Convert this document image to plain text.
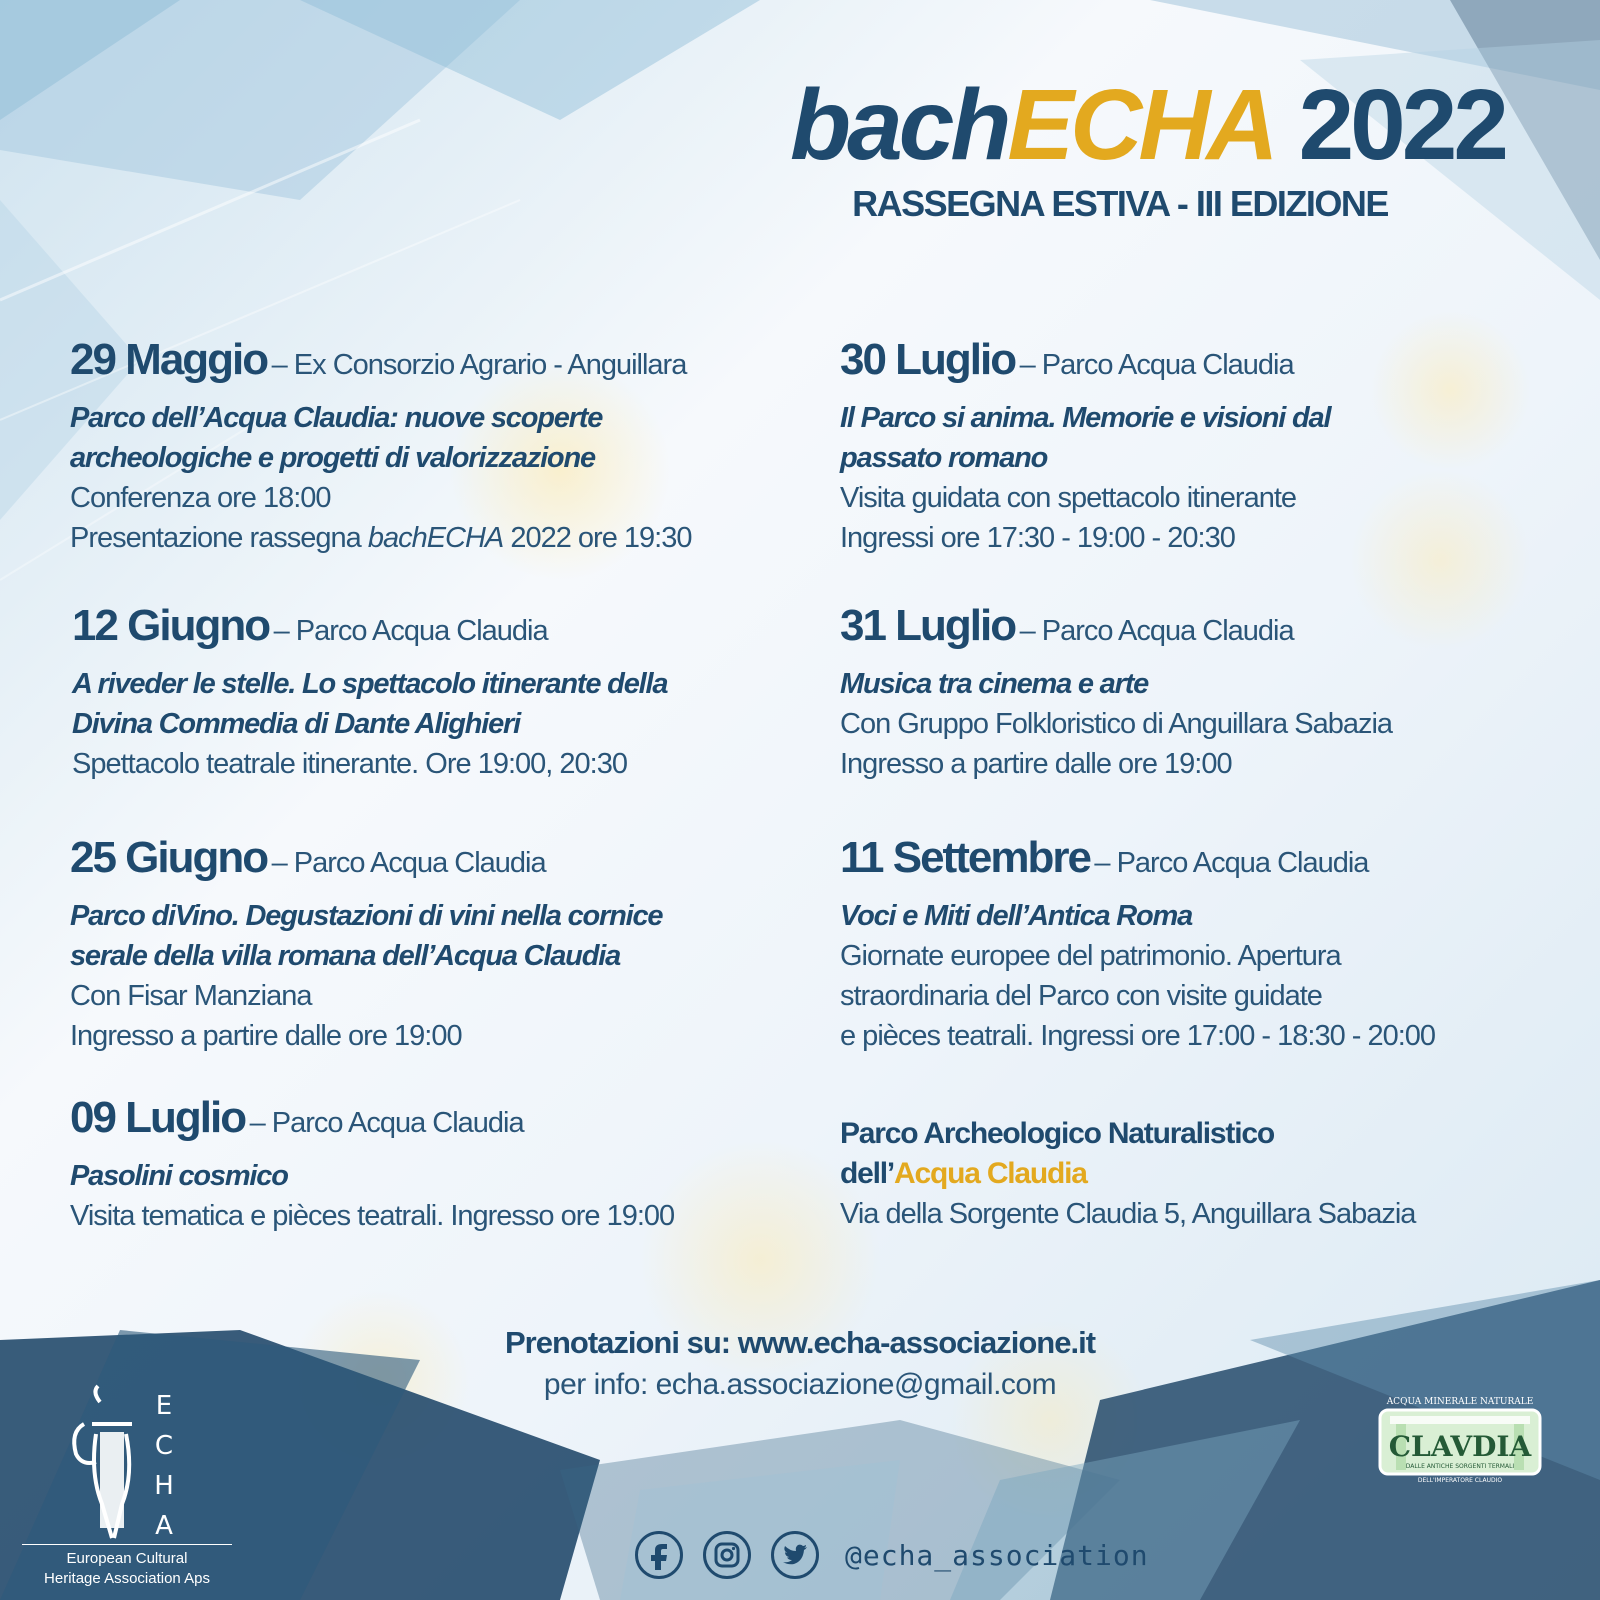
bachECHA 2022
RASSEGNA ESTIVA - III EDIZIONE
29 Maggio – Ex Consorzio Agrario - Anguillara
Parco dell’Acqua Claudia: nuove scoperte archeologiche e progetti di valorizzazione
Conferenza ore 18:00
Presentazione rassegna bachECHA 2022 ore 19:30
12 Giugno – Parco Acqua Claudia
A riveder le stelle. Lo spettacolo itinerante della Divina Commedia di Dante Alighieri
Spettacolo teatrale itinerante. Ore 19:00, 20:30
25 Giugno – Parco Acqua Claudia
Parco diVino. Degustazioni di vini nella cornice serale della villa romana dell’Acqua Claudia
Con Fisar Manziana
Ingresso a partire dalle ore 19:00
09 Luglio – Parco Acqua Claudia
Pasolini cosmico
Visita tematica e pièces teatrali. Ingresso ore 19:00
30 Luglio – Parco Acqua Claudia
Il Parco si anima. Memorie e visioni dal passato romano
Visita guidata con spettacolo itinerante
Ingressi ore 17:30 - 19:00 - 20:30
31 Luglio – Parco Acqua Claudia
Musica tra cinema e arte
Con Gruppo Folkloristico di Anguillara Sabazia
Ingresso a partire dalle ore 19:00
11 Settembre – Parco Acqua Claudia
Voci e Miti dell’Antica Roma
Giornate europee del patrimonio. Apertura
straordinaria del Parco con visite guidate
e pièces teatrali. Ingressi ore 17:00 - 18:30 - 20:00
Parco Archeologico Naturalistico
dell’Acqua Claudia
Via della Sorgente Claudia 5, Anguillara Sabazia
Prenotazioni su: www.echa-associazione.it
per info: echa.associazione@gmail.com
E
C
H
A
European Cultural
Heritage Association Aps
ACQUA MINERALE NATURALE
CLAVDIA
DALLE ANTICHE SORGENTI TERMALI
DELL'IMPERATORE CLAUDIO
@echa_association
